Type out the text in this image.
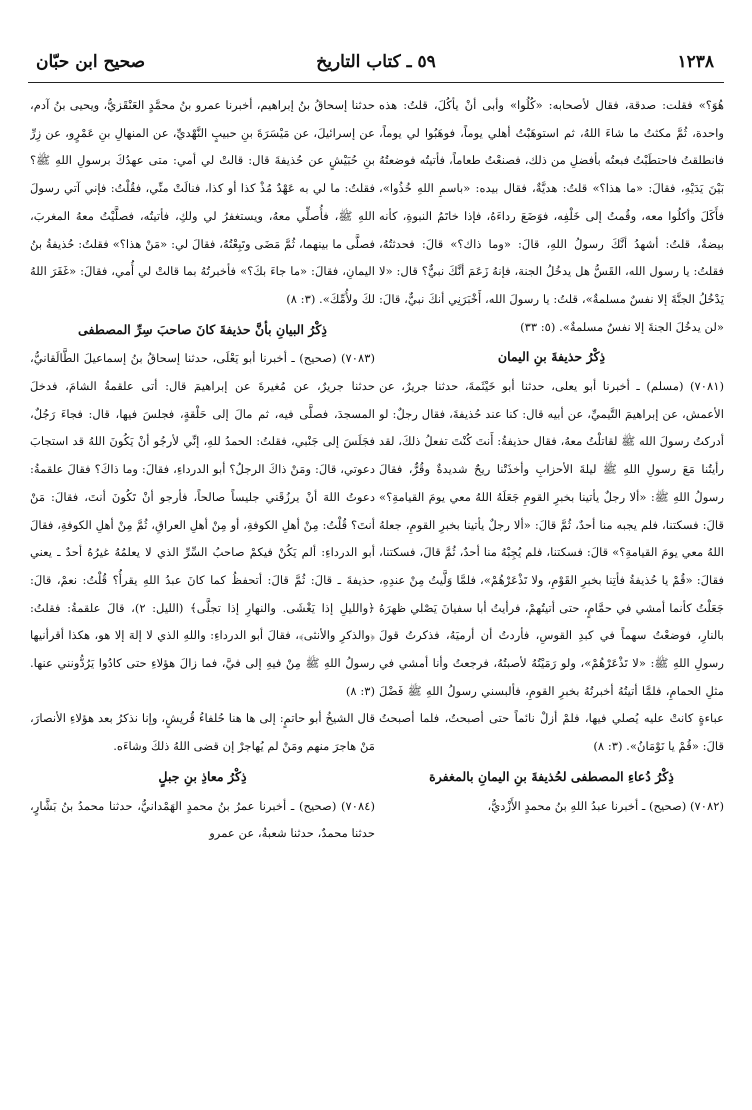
١٢٣٨
٥٩ ـ كتاب التاريخ
صحيح ابن حبّان

هُوَ؟» فقلت: صدقة، فقال لأصحابه: «كُلُوا» وأبى أنْ يأكُلَ، قلتُ: هذه واحدة، ثُمَّ مكثتُ ما شاءَ اللهُ، ثم استوهَبْتُ أهلي يوماً، فوهَبُوا لي يوماً، فانطلقتُ فاحتطَبْتُ فبعتُه بأفضلِ من ذلك، فصنعْتُ طعاماً، فأتيتُه فوضعتُهُ بَيْنَ يَدَيْهِ، فقالَ: «ما هذا؟» قلتُ: هديَّةٌ، فقال بيده: «باسمِ اللهِ خُذُوا»، فأَكَلَ وأكلُوا معه، وقُمتُ إلى خَلْفِه، فوَضَعَ رداءَهُ، فإذا خاتَمُ النبوةِ، كأنه بيضةٌ، قلتُ: أشهدُ أنَّكَ رسولُ اللهِ، قالَ: «وما ذاك؟» قالَ: فحدثتُهُ، فقلتُ: يا رسول الله، القَسُّ هل يدخُلُ الجنة، فإنهُ زَعَمَ أنَّكَ نبيٌّ؟ قال: «لا يَدْخُلُ الجنَّةَ إلا نفسٌ مسلمةٌ»، قلتُ: يا رسولَ الله، أَخْبَرَنِي أنكَ نبيٌّ، قالَ: «لن يدخُلَ الجنةَ إلا نفسٌ مسلمةٌ». (٥: ٣٣)

ذِكْرُ حذيفةَ بنِ اليمان

(٧٠٨١) (مسلم) ـ أخبرنا أبو يعلى، حدثنا أبو خَيْثَمةَ، حدثنا جريرٌ، عن الأعمش، عن إبراهيمَ التَّيميِّ، عن أبيه قال: كنا عند حُذيفةَ، فقال رجلٌ: لو أدركتُ رسولَ الله ﷺ لقاتلْتُ معهُ، فقال حذيفةُ: أَنتَ كُنْتَ تفعلُ ذلكَ، لقد رأيتُنا مَعَ رسولِ اللهِ ﷺ ليلةَ الأحزابِ وأخذَتْنا ريحٌ شديدةٌ وقُرٌّ، فقالَ رسولُ اللهِ ﷺ: «ألا رجلٌ يأتينا بخبرِ القومِ جَعَلَهُ اللهُ معي يومَ القيامةِ؟» قالَ: فسكتنا، فلم يجبه منا أحدٌ، ثُمَّ قالَ: «ألا رجلٌ يأتينا بخبرِ القومِ، جعلهُ اللهُ معي يومَ القيامةِ؟» قالَ: فسكتنا، فلم يُجِبْهُ منا أحدٌ، ثُمَّ قالَ، فسكتنا، فقالَ: «قُمْ يا حُذيفةُ فأتِنا بخبرِ القَوْمِ، ولا تَذْعَرْهُمْ»، فلمَّا وَلَّيتُ مِنْ عندِهِ، جَعَلْتُ كأنما أمشي في حمَّامٍ، حتى أتيتُهمْ، فرأيتُ أبا سفيانَ يَصْلي ظهرَهُ بالنارِ، فوضعْتُ سهماً في كبدِ القوسِ، فأردتُ أن أرميَهُ، فذكرتُ قولَ رسولِ اللهِ ﷺ: «لا تَذْعَرْهُمْ»، ولو رَمَيْتُهُ لأصبتُهُ، فرجعتُ وأنا أمشي في مثلِ الحمامِ، فلمَّا أتيتُهُ أخبرتُهُ بخبرِ القومِ، فألبسني رسولُ اللهِ ﷺ فَضْلَ عباءةٍ كانتْ عليه يُصلي فيها، فلمْ أزلْ نائماً حتى أصبحتُ، فلما أصبحتُ قالَ: «قُمْ يا نَوْمَانُ». (٣: ٨)

ذِكْرُ دُعاءِ المصطفى لحُذيفةَ بنِ اليمانِ بالمغفرة

(٧٠٨٢) (صحيح) ـ أخبرنا عبدُ اللهِ بنُ محمدٍ الأَزْديُّ،

حدثنا إسحاقُ بنُ إبراهيم، أخبرنا عمرو بنُ محمَّدٍ العَنْقَزيُّ، ويحيى بنُ آدم، عن إسرائيلَ، عن مَيْسَرَةَ بنِ حبيبٍ النَّهْديِّ، عن المنهالِ بنِ عَمْرٍو، عن زِرِّ بنِ حُبَيْشٍ عن حُذيفةَ قال: قالتْ لي أمي: متى عهدُكَ برسولِ اللهِ ﷺ؟ فقلتُ: ما لي به عَهْدٌ مُذْ كذا أو كذا، فنالَتْ منِّي، فقُلْتُ: فإني آتي رسولَ اللهِ ﷺ، فأُصلِّي معهُ، ويستغفرُ لي ولكِ، فأتيتُه، فصلَّيْتُ معهُ المغربَ، فصلَّى ما بينهما، ثُمَّ مَضَى وتَبِعْتُهُ، فقالَ لي: «مَنْ هذا؟» فقلتُ: حُذيفةُ بنُ اليمانِ، فقالَ: «ما جاءَ بكَ؟» فأخبرتُهُ بما قالتْ لي أُمي، فقالَ: «غَفَرَ اللهُ لكَ ولأُمِّكَ». (٣: ٨)

ذِكْرُ البيانِ بأنَّ حذيفةَ كانَ صاحبَ سِرِّ المصطفى

(٧٠٨٣) (صحيح) ـ أخبرنا أبو يَعْلَى، حدثنا إسحاقُ بنُ إسماعيلَ الطَّالَقانيُّ، حدثنا جريرٌ، عن مُغيرةَ عن إبراهيمَ قال: أتى علقمةُ الشامَ، فدخلَ المسجدَ، فصلَّى فيه، ثم مالَ إلى حَلْقةٍ، فجلسَ فيها، قال: فجاءَ رَجُلٌ، فجَلَسَ إلى جَنْبي، فقلتُ: الحمدُ للهِ، إنِّي لأرجُو أنْ يَكُونَ اللهُ قد استجابَ دعوتي، قالَ: ومَنْ ذاكَ الرجلُ؟ أبو الدرداءِ، فقالَ: وما ذاكَ؟ فقالَ علقمةُ: دعوتُ اللهَ أنْ يرزُقَني جليساً صالحاً، فأرجو أنْ تَكُونَ أنتَ، فقالَ: مَنْ أنتَ؟ قُلْتُ: مِنْ أهلِ الكوفةِ، أو مِنْ أهلِ العراقِ، ثُمَّ مِنْ أهلِ الكوفةِ، فقالَ أبو الدرداءِ: ألم يَكُنْ فيكمْ صاحبُ السِّرِّ الذي لا يعلمُهُ غيرُهُ أحدٌ ـ يعني حذيفةَ ـ قالَ: ثُمَّ قالَ: أتحفظُ كما كانَ عبدُ اللهِ يقرأُ؟ قُلْتُ: نعمْ، قالَ: ﴿والليلِ إذا يَغْشَى. والنهارِ إذا تجلَّى﴾ (الليل: ٢)، قالَ علقمةُ: فقلتُ: ﴿والذكرِ والأنثى﴾، فقالَ أبو الدرداءِ: واللهِ الذي لا إلهَ إلا هو، هكذا أقرأنيها رسولُ اللهِ ﷺ مِنْ فيهِ إلى فيَّ، فما زالَ هؤلاءِ حتى كادُوا يَرُدُّونني عنها. (٣: ٨)

قال الشيخُ أبو حاتمٍ: إلى ها هنا حُلفاءُ قُريشٍ، وإنا نذكرُ بعد هؤلاءِ الأنصارَ، مَنْ هاجرَ منهم ومَنْ لم يُهاجرْ إن قضى اللهُ ذلكَ وشاءَه.

ذِكْرُ معاذِ بنِ جبلٍ

(٧٠٨٤) (صحيح) ـ أخبرنا عمرُ بنُ محمدٍ الهَمْدانيُّ، حدثنا محمدُ بنُ بَشَّارٍ، حدثنا محمدٌ، حدثنا شعبةُ، عن عمرو
